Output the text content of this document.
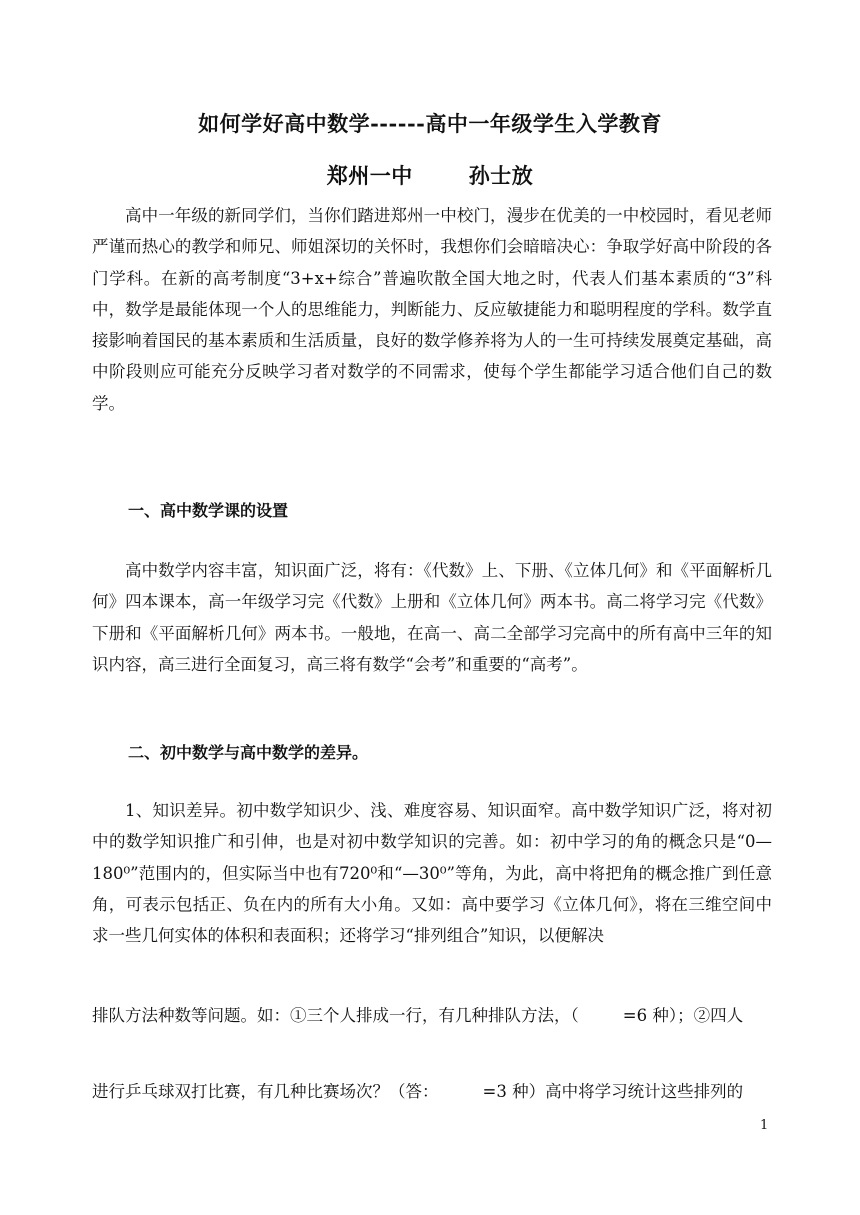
如何学好高中数学------高中一年级学生入学教育
郑州一中	孙士放
高中一年级的新同学们，当你们踏进郑州一中校门，漫步在优美的一中校园时，看见老师严谨而热心的教学和师兄、师姐深切的关怀时，我想你们会暗暗决心：争取学好高中阶段的各门学科。在新的高考制度“3+x+综合”普遍吹散全国大地之时，代表人们基本素质的“3”科中，数学是最能体现一个人的思维能力，判断能力、反应敏捷能力和聪明程度的学科。数学直接影响着国民的基本素质和生活质量，良好的数学修养将为人的一生可持续发展奠定基础，高中阶段则应可能充分反映学习者对数学的不同需求，使每个学生都能学习适合他们自己的数学。
一、高中数学课的设置
高中数学内容丰富，知识面广泛，将有：《代数》上、下册、《立体几何》和《平面解析几何》四本课本，高一年级学习完《代数》上册和《立体几何》两本书。高二将学习完《代数》下册和《平面解析几何》两本书。一般地，在高一、高二全部学习完高中的所有高中三年的知识内容，高三进行全面复习，高三将有数学“会考”和重要的“高考”。
二、初中数学与高中数学的差异。
1、知识差异。初中数学知识少、浅、难度容易、知识面窄。高中数学知识广泛，将对初中的数学知识推广和引伸，也是对初中数学知识的完善。如：初中学习的角的概念只是“0—180⁰”范围内的，但实际当中也有720⁰和“—30⁰”等角，为此，高中将把角的概念推广到任意角，可表示包括正、负在内的所有大小角。又如：高中要学习《立体几何》，将在三维空间中求一些几何实体的体积和表面积；还将学习“排列组合”知识，以便解决
排队方法种数等问题。如：①三个人排成一行，有几种排队方法，（	=6 种）；②四人
进行乒乓球双打比赛，有几种比赛场次？（答：	=3 种）高中将学习统计这些排列的
1
